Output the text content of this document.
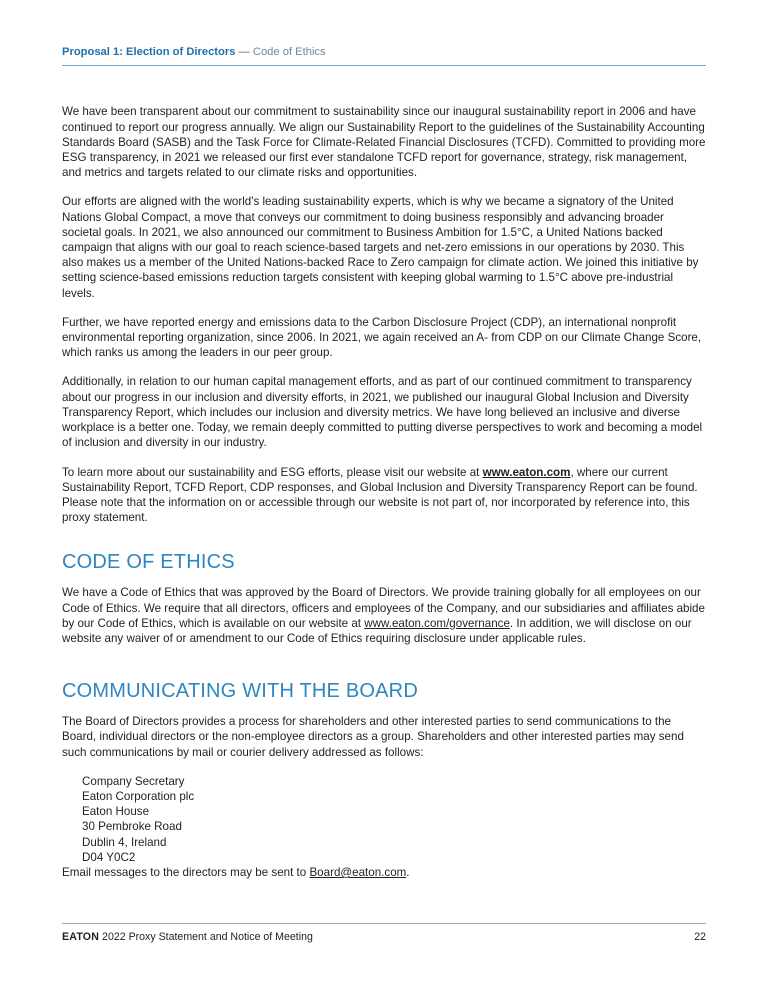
Proposal 1: Election of Directors — Code of Ethics

We have been transparent about our commitment to sustainability since our inaugural sustainability report in 2006 and have continued to report our progress annually. We align our Sustainability Report to the guidelines of the Sustainability Accounting Standards Board (SASB) and the Task Force for Climate-Related Financial Disclosures (TCFD). Committed to providing more ESG transparency, in 2021 we released our first ever standalone TCFD report for governance, strategy, risk management, and metrics and targets related to our climate risks and opportunities.

Our efforts are aligned with the world's leading sustainability experts, which is why we became a signatory of the United Nations Global Compact, a move that conveys our commitment to doing business responsibly and advancing broader societal goals. In 2021, we also announced our commitment to Business Ambition for 1.5°C, a United Nations backed campaign that aligns with our goal to reach science-based targets and net-zero emissions in our operations by 2030. This also makes us a member of the United Nations-backed Race to Zero campaign for climate action. We joined this initiative by setting science-based emissions reduction targets consistent with keeping global warming to 1.5°C above pre-industrial levels.

Further, we have reported energy and emissions data to the Carbon Disclosure Project (CDP), an international nonprofit environmental reporting organization, since 2006. In 2021, we again received an A- from CDP on our Climate Change Score, which ranks us among the leaders in our peer group.

Additionally, in relation to our human capital management efforts, and as part of our continued commitment to transparency about our progress in our inclusion and diversity efforts, in 2021, we published our inaugural Global Inclusion and Diversity Transparency Report, which includes our inclusion and diversity metrics. We have long believed an inclusive and diverse workplace is a better one. Today, we remain deeply committed to putting diverse perspectives to work and becoming a model of inclusion and diversity in our industry.

To learn more about our sustainability and ESG efforts, please visit our website at www.eaton.com, where our current Sustainability Report, TCFD Report, CDP responses, and Global Inclusion and Diversity Transparency Report can be found. Please note that the information on or accessible through our website is not part of, nor incorporated by reference into, this proxy statement.

CODE OF ETHICS

We have a Code of Ethics that was approved by the Board of Directors. We provide training globally for all employees on our Code of Ethics. We require that all directors, officers and employees of the Company, and our subsidiaries and affiliates abide by our Code of Ethics, which is available on our website at www.eaton.com/governance. In addition, we will disclose on our website any waiver of or amendment to our Code of Ethics requiring disclosure under applicable rules.

COMMUNICATING WITH THE BOARD

The Board of Directors provides a process for shareholders and other interested parties to send communications to the Board, individual directors or the non-employee directors as a group. Shareholders and other interested parties may send such communications by mail or courier delivery addressed as follows:

Company Secretary
Eaton Corporation plc
Eaton House
30 Pembroke Road
Dublin 4, Ireland
D04 Y0C2

Email messages to the directors may be sent to Board@eaton.com.

EATON 2022 Proxy Statement and Notice of Meeting	22
